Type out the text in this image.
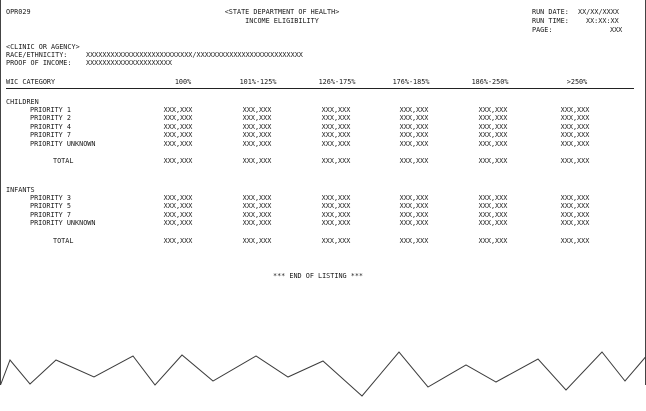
OPR029	<STATE DEPARTMENT OF HEALTH>
INCOME ELIGIBILITY
RUN DATE: XX/XX/XXXX
RUN TIME:	XX:XX:XX
PAGE:	XXX
<CLINIC OR AGENCY>
RACE/ETHNICITY:	XXXXXXXXXXXXXXXXXXXXXXXXXX/XXXXXXXXXXXXXXXXXXXXXXXXXX
PROOF OF INCOME: XXXXXXXXXXXXXXXXXXXXX
WIC CATEGORY	100%	101%-125%	126%-175%	176%-185%	186%-250%	>250%
CHILDREN
PRIORITY 1	XXX,XXX	XXX,XXX	XXX,XXX	XXX,XXX	XXX,XXX	XXX,XXX
PRIORITY 2	XXX,XXX	XXX,XXX	XXX,XXX	XXX,XXX	XXX,XXX	XXX,XXX
PRIORITY 4	XXX,XXX	XXX,XXX	XXX,XXX	XXX,XXX	XXX,XXX	XXX,XXX
PRIORITY 7	XXX,XXX	XXX,XXX	XXX,XXX	XXX,XXX	XXX,XXX	XXX,XXX
PRIORITY UNKNOWN	XXX,XXX	XXX,XXX	XXX,XXX	XXX,XXX	XXX,XXX	XXX,XXX
TOTAL	XXX,XXX	XXX,XXX	XXX,XXX	XXX,XXX	XXX,XXX	XXX,XXX
INFANTS
PRIORITY 3	XXX,XXX	XXX,XXX	XXX,XXX	XXX,XXX	XXX,XXX	XXX,XXX
PRIORITY 5	XXX,XXX	XXX,XXX	XXX,XXX	XXX,XXX	XXX,XXX	XXX,XXX
PRIORITY 7	XXX,XXX	XXX,XXX	XXX,XXX	XXX,XXX	XXX,XXX	XXX,XXX
PRIORITY UNKNOWN	XXX,XXX	XXX,XXX	XXX,XXX	XXX,XXX	XXX,XXX	XXX,XXX
TOTAL	XXX,XXX	XXX,XXX	XXX,XXX	XXX,XXX	XXX,XXX	XXX,XXX
*** END OF LISTING ***
